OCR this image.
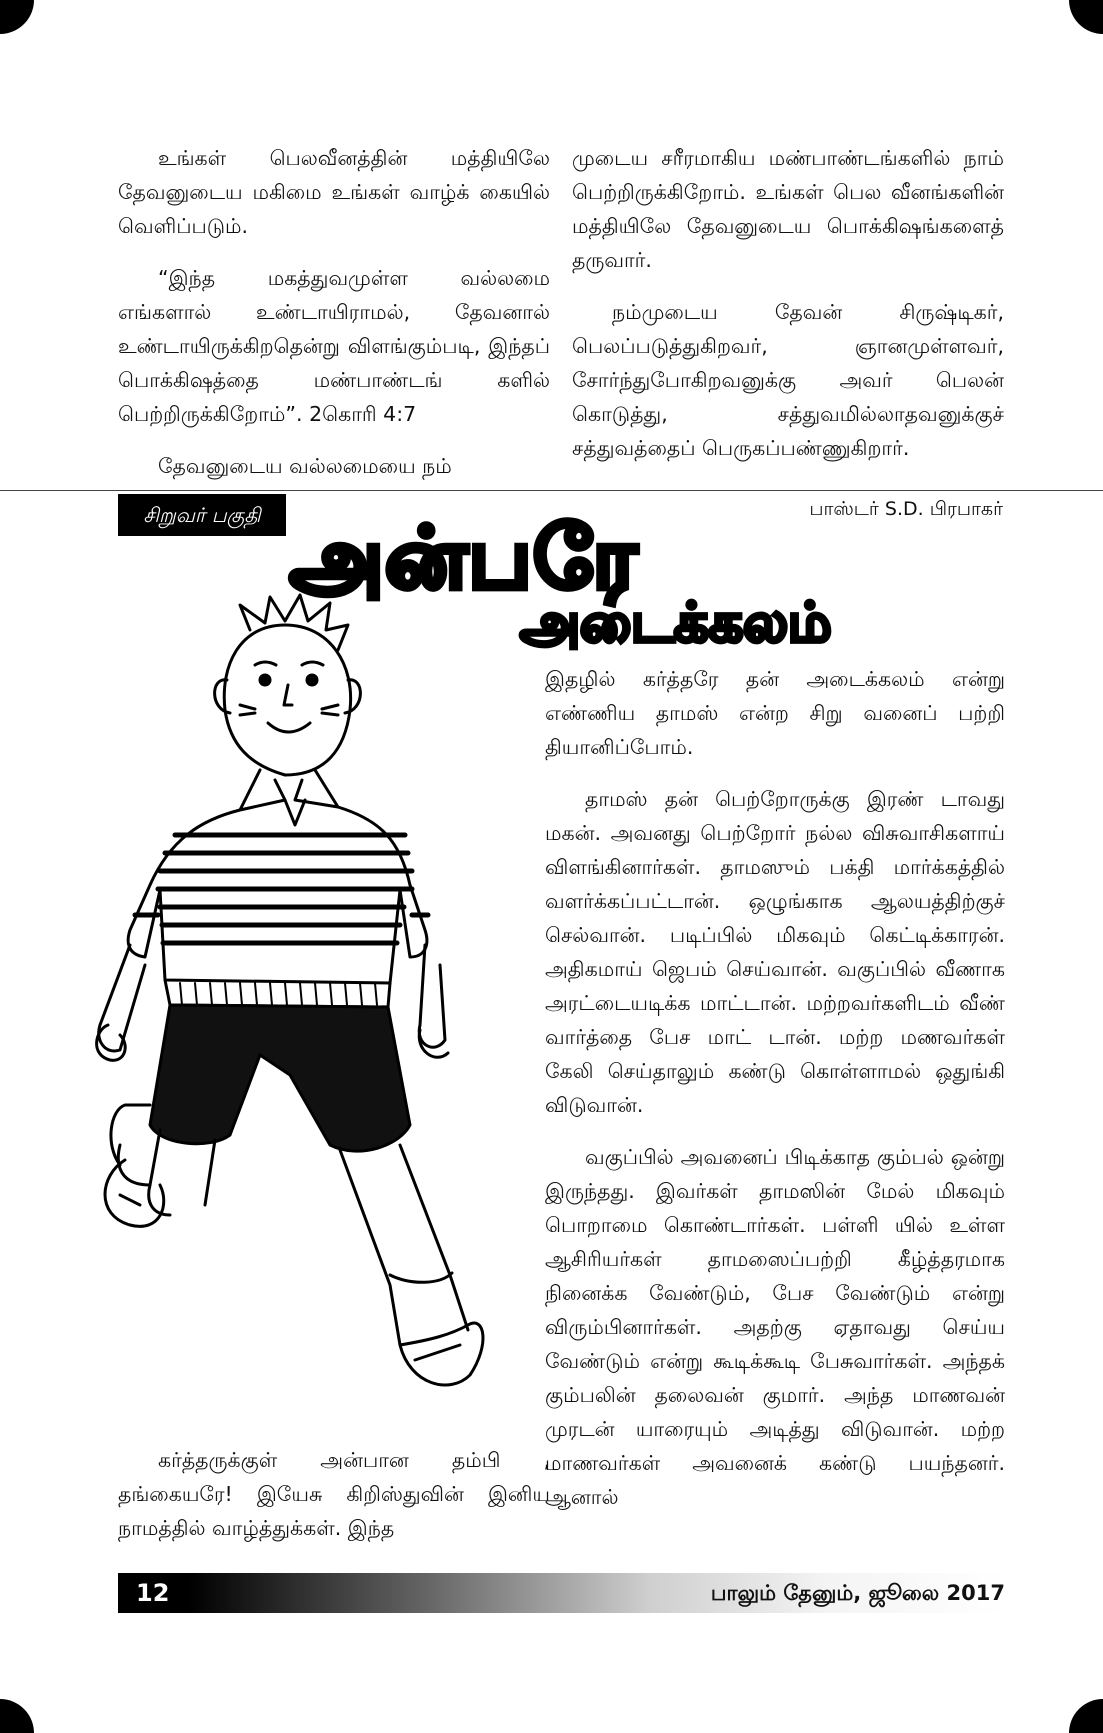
உங்கள் பெலவீனத்தின் மத்தியிலே தேவனுடைய மகிமை உங்கள் வாழ்க் கையில் வெளிப்படும்.

“இந்த மகத்துவமுள்ள வல்லமை எங்களால் உண்டாயிராமல், தேவனால் உண்டாயிருக்கிறதென்று விளங்கும்படி, இந்தப் பொக்கிஷத்தை மண்பாண்டங் களில் பெற்றிருக்கிறோம்”. 2கொரி 4:7

தேவனுடைய வல்லமையை நம்

முடைய சரீரமாகிய மண்பாண்டங்களில் நாம் பெற்றிருக்கிறோம். உங்கள் பெல வீனங்களின் மத்தியிலே தேவனுடைய பொக்கிஷங்களைத் தருவார்.

நம்முடைய தேவன் சிருஷ்டிகர், பெலப்படுத்துகிறவர், ஞானமுள்ளவர், சோர்ந்துபோகிறவனுக்கு அவர் பெலன் கொடுத்து, சத்துவமில்லாதவனுக்குச் சத்துவத்தைப் பெருகப்பண்ணுகிறார்.

சிறுவர் பகுதி	பாஸ்டர் S.D. பிரபாகர்
அன்பரே
அடைக்கலம்

இதழில் கர்த்தரே தன் அடைக்கலம் என்று எண்ணிய தாமஸ் என்ற சிறு வனைப் பற்றி தியானிப்போம்.

தாமஸ் தன் பெற்றோருக்கு இரண் டாவது மகன். அவனது பெற்றோர் நல்ல விசுவாசிகளாய் விளங்கினார்கள். தாமஸும் பக்தி மார்க்கத்தில் வளர்க்கப்பட்டான். ஒழுங்காக ஆலயத்திற்குச் செல்வான். படிப்பில் மிகவும் கெட்டிக்காரன். அதிகமாய் ஜெபம் செய்வான். வகுப்பில் வீணாக அரட்டையடிக்க மாட்டான். மற்றவர்களிடம் வீண் வார்த்தை பேச மாட் டான். மற்ற மணவர்கள் கேலி செய்தாலும் கண்டு கொள்ளாமல் ஒதுங்கி விடுவான்.

வகுப்பில் அவனைப் பிடிக்காத கும்பல் ஒன்று இருந்தது. இவர்கள் தாமஸின் மேல் மிகவும் பொறாமை கொண்டார்கள். பள்ளி யில் உள்ள ஆசிரியர்கள் தாமஸைப்பற்றி கீழ்த்தரமாக நினைக்க வேண்டும், பேச வேண்டும் என்று விரும்பினார்கள். அதற்கு ஏதாவது செய்ய வேண்டும் என்று கூடிக்கூடி பேசுவார்கள். அந்தக் கும்பலின் தலைவன் குமார். அந்த மாணவன் முரடன் யாரையும் அடித்து விடுவான். மற்ற மாணவர்கள் அவனைக் கண்டு பயந்தனர். ஆனால்

கர்த்தருக்குள் அன்பான தம்பி , தங்கையரே! இயேசு கிறிஸ்துவின் இனிய நாமத்தில் வாழ்த்துக்கள். இந்த

12	பாலும் தேனும், ஜூலை 2017
